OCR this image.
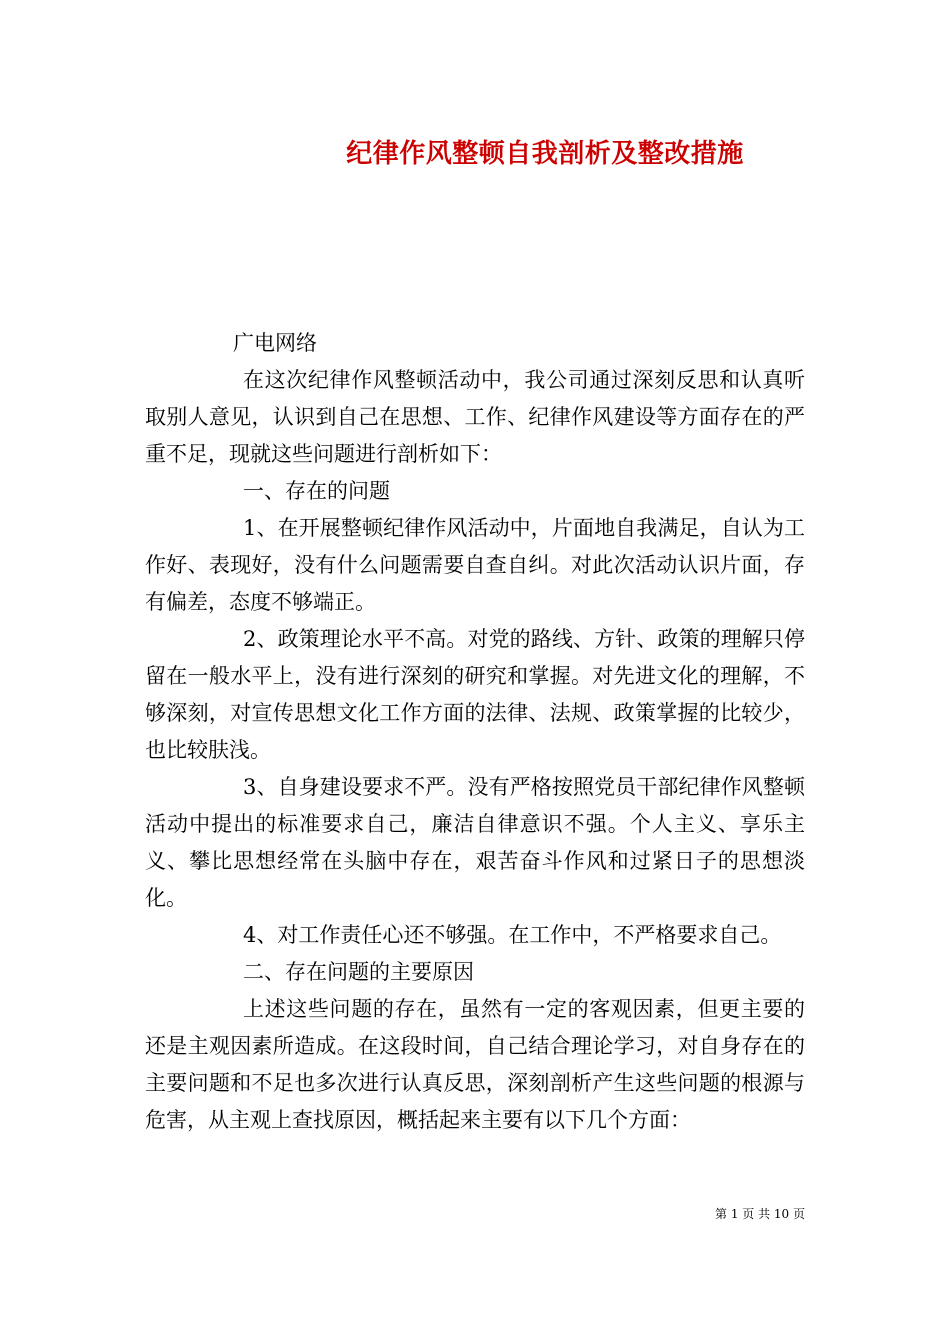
纪律作风整顿自我剖析及整改措施

广电网络

在这次纪律作风整顿活动中，我公司通过深刻反思和认真听取别人意见，认识到自己在思想、工作、纪律作风建设等方面存在的严重不足，现就这些问题进行剖析如下：

一、存在的问题

1、在开展整顿纪律作风活动中，片面地自我满足，自认为工作好、表现好，没有什么问题需要自查自纠。对此次活动认识片面，存有偏差，态度不够端正。

2、政策理论水平不高。对党的路线、方针、政策的理解只停留在一般水平上，没有进行深刻的研究和掌握。对先进文化的理解，不够深刻，对宣传思想文化工作方面的法律、法规、政策掌握的比较少，也比较肤浅。

3、自身建设要求不严。没有严格按照党员干部纪律作风整顿活动中提出的标准要求自己，廉洁自律意识不强。个人主义、享乐主义、攀比思想经常在头脑中存在，艰苦奋斗作风和过紧日子的思想淡化。

4、对工作责任心还不够强。在工作中，不严格要求自己。

二、存在问题的主要原因

上述这些问题的存在，虽然有一定的客观因素，但更主要的还是主观因素所造成。在这段时间，自己结合理论学习，对自身存在的主要问题和不足也多次进行认真反思，深刻剖析产生这些问题的根源与危害，从主观上查找原因，概括起来主要有以下几个方面：

第 1 页 共 10 页
